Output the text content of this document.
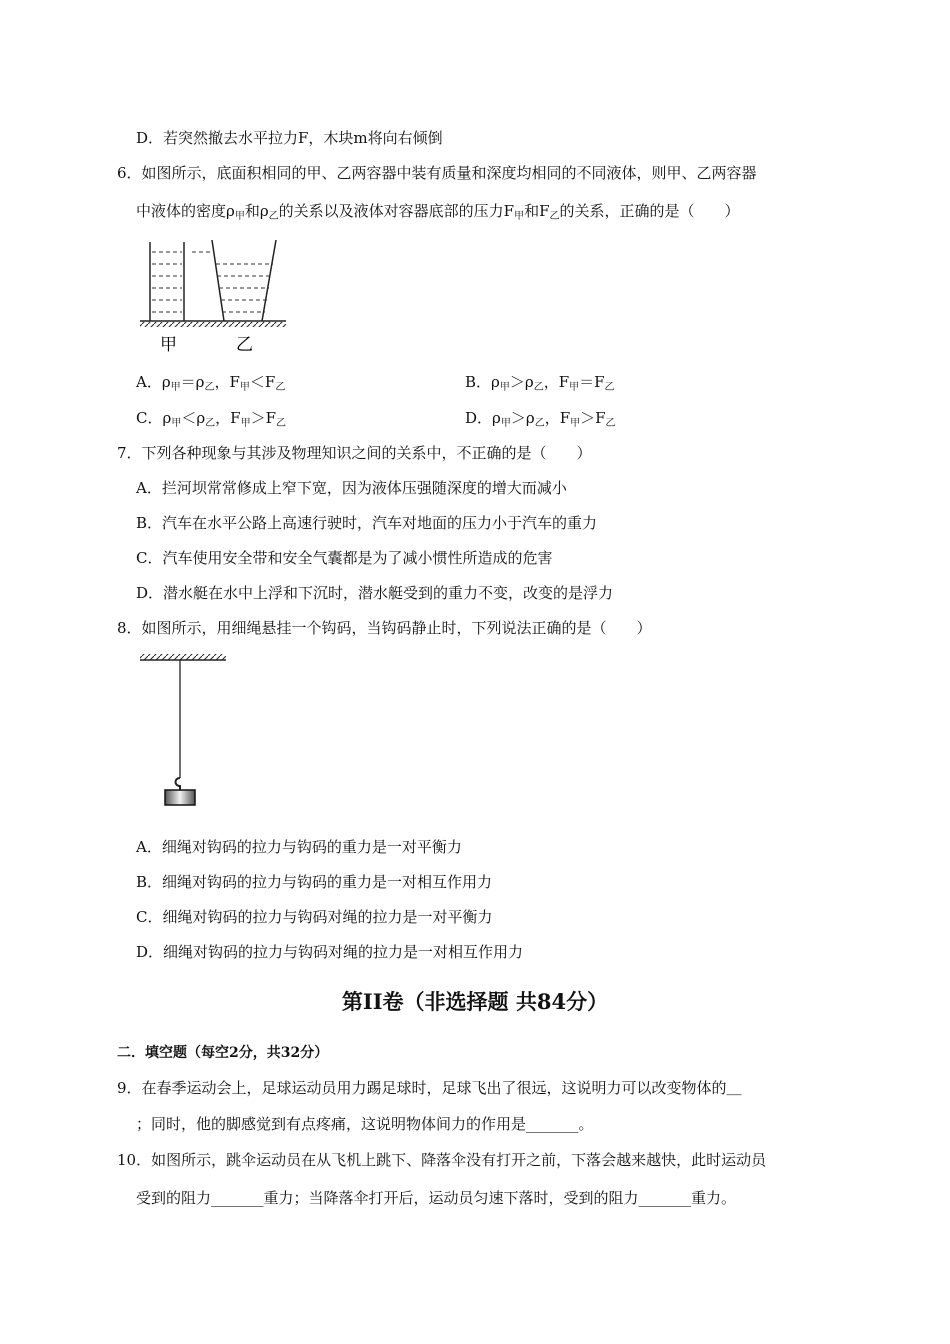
D．若突然撤去水平拉力F，木块m将向右倾倒
6．如图所示，底面积相同的甲、乙两容器中装有质量和深度均相同的不同液体，则甲、乙两容器
中液体的密度$\rho_甲$和$\rho_乙$的关系以及液体对容器底部的压力$F_甲$和$F_乙$的关系，正确的是（　　）
甲	乙
A．$\rho_甲=\rho_乙$，$F_甲<F_乙$	B．$\rho_甲>\rho_乙$，$F_甲=F_乙$
C．$\rho_甲<\rho_乙$，$F_甲>F_乙$	D．$\rho_甲>\rho_乙$，$F_甲>F_乙$
7．下列各种现象与其涉及物理知识之间的关系中，不正确的是（　　）
A．拦河坝常常修成上窄下宽，因为液体压强随深度的增大而减小
B．汽车在水平公路上高速行驶时，汽车对地面的压力小于汽车的重力
C．汽车使用安全带和安全气囊都是为了减小惯性所造成的危害
D．潜水艇在水中上浮和下沉时，潜水艇受到的重力不变，改变的是浮力
8．如图所示，用细绳悬挂一个钩码，当钩码静止时，下列说法正确的是（　　）
A．细绳对钩码的拉力与钩码的重力是一对平衡力
B．细绳对钩码的拉力与钩码的重力是一对相互作用力
C．细绳对钩码的拉力与钩码对绳的拉力是一对平衡力
D．细绳对钩码的拉力与钩码对绳的拉力是一对相互作用力
第II卷（非选择题 共84分）
二．填空题（每空2分，共32分）
9．在春季运动会上，足球运动员用力踢足球时，足球飞出了很远，这说明力可以改变物体的＿
；同时，他的脚感觉到有点疼痛，这说明物体间力的作用是_______。
10．如图所示，跳伞运动员在从飞机上跳下、降落伞没有打开之前，下落会越来越快，此时运动员
受到的阻力_______重力；当降落伞打开后，运动员匀速下落时，受到的阻力_______重力。
